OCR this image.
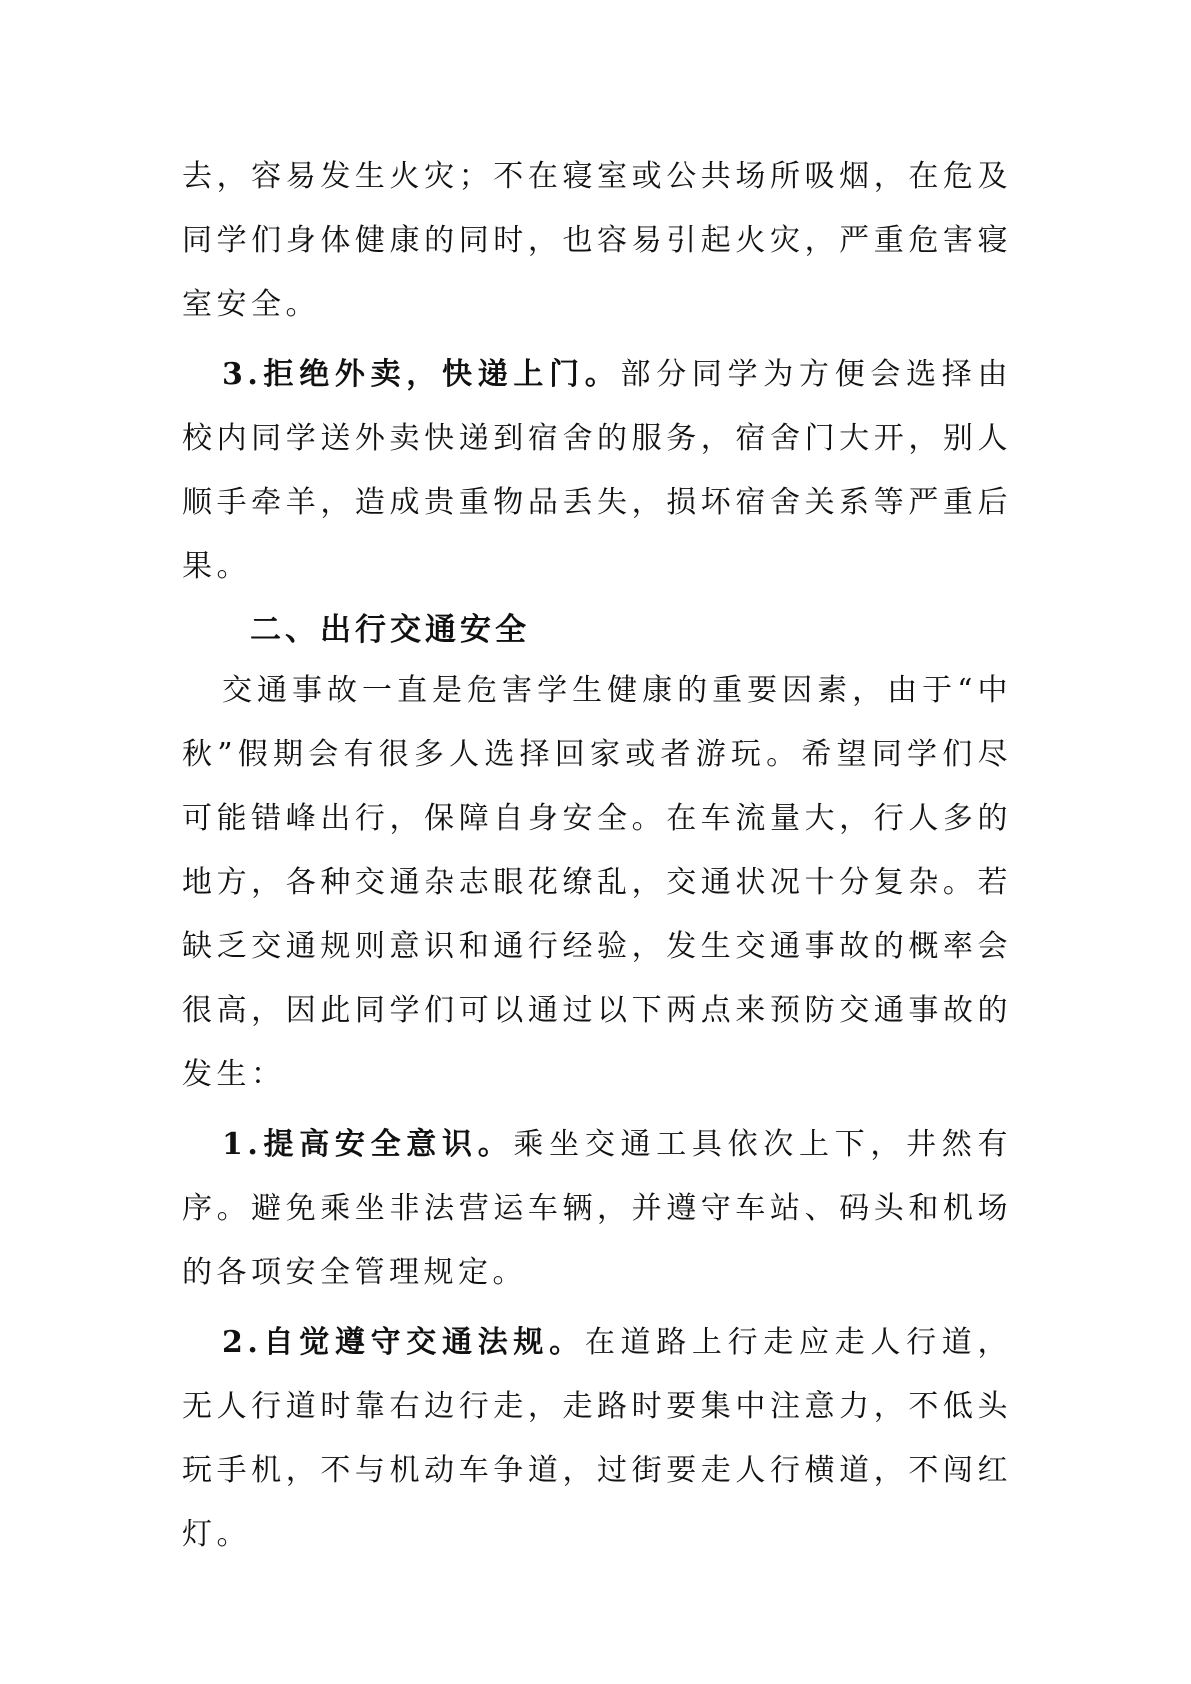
去，容易发生火灾；不在寝室或公共场所吸烟，在危及同学们身体健康的同时，也容易引起火灾，严重危害寝室安全。

3.拒绝外卖，快递上门。部分同学为方便会选择由校内同学送外卖快递到宿舍的服务，宿舍门大开，别人顺手牵羊，造成贵重物品丢失，损坏宿舍关系等严重后果。

二、出行交通安全

交通事故一直是危害学生健康的重要因素，由于“中秋”假期会有很多人选择回家或者游玩。希望同学们尽可能错峰出行，保障自身安全。在车流量大，行人多的地方，各种交通杂志眼花缭乱，交通状况十分复杂。若缺乏交通规则意识和通行经验，发生交通事故的概率会很高，因此同学们可以通过以下两点来预防交通事故的发生：

1.提高安全意识。乘坐交通工具依次上下，井然有序。避免乘坐非法营运车辆，并遵守车站、码头和机场的各项安全管理规定。

2.自觉遵守交通法规。在道路上行走应走人行道，无人行道时靠右边行走，走路时要集中注意力，不低头玩手机，不与机动车争道，过街要走人行横道，不闯红灯。
